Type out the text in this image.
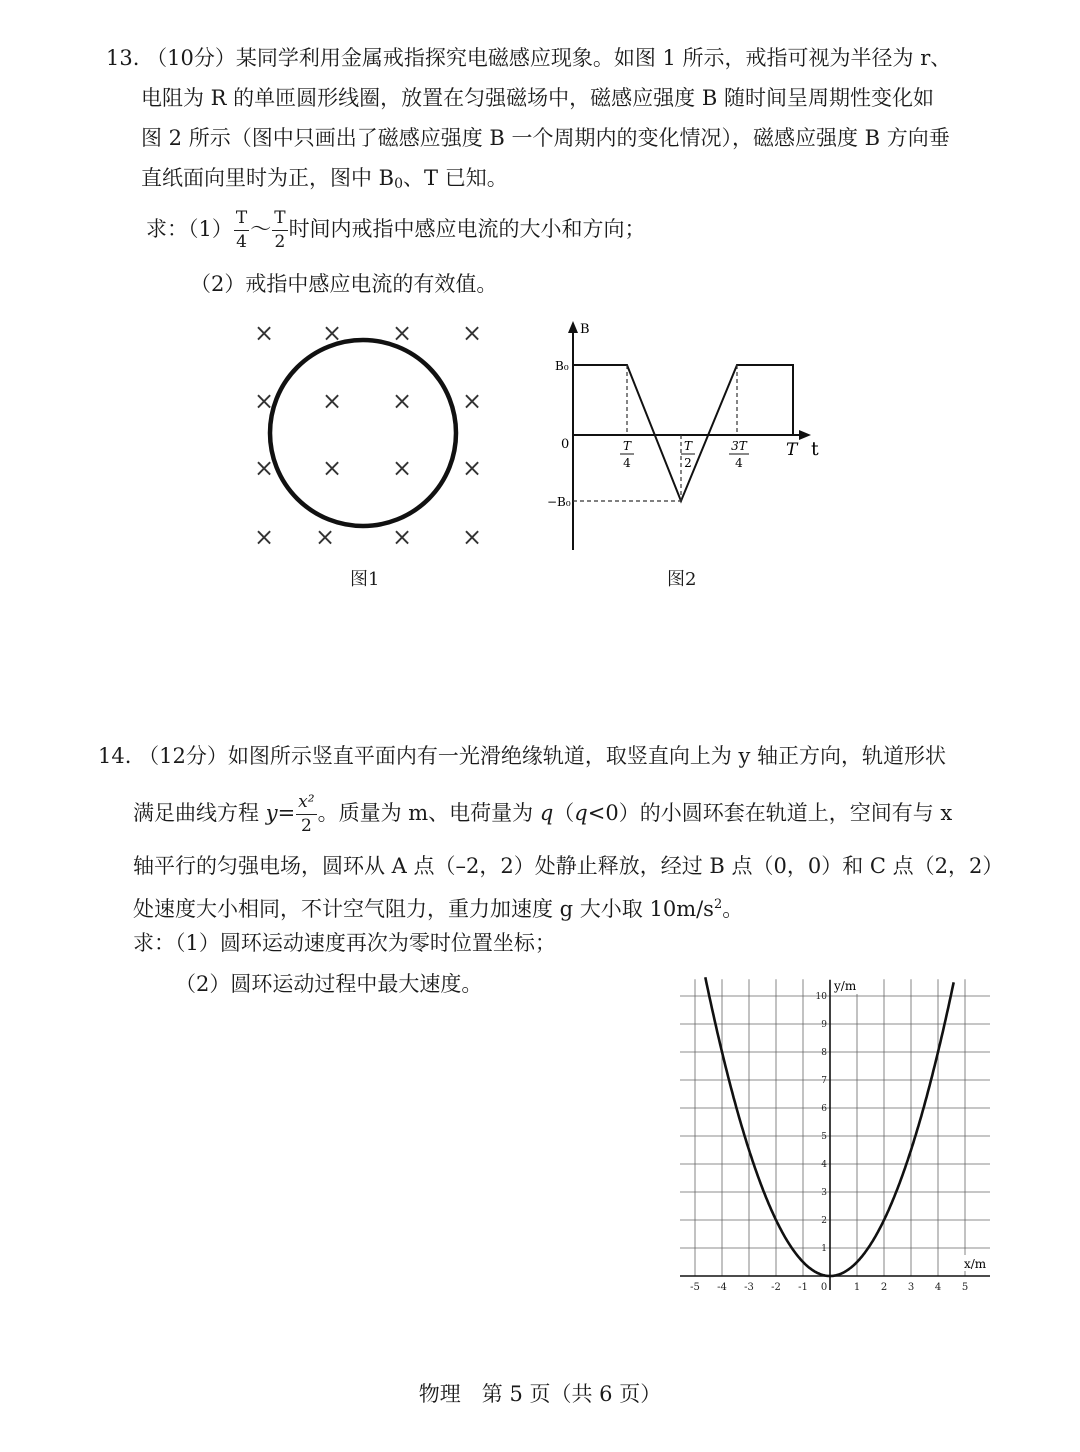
13. （10分）某同学利用金属戒指探究电磁感应现象。如图 1 所示，戒指可视为半径为 r、
电阻为 R 的单匝圆形线圈，放置在匀强磁场中，磁感应强度 B 随时间呈周期性变化如
图 2 所示（图中只画出了磁感应强度 B 一个周期内的变化情况），磁感应强度 B 方向垂
直纸面向里时为正，图中 $B_0$、T 已知。
求：$(1) \frac{T}{4}$ ～ $\frac{T}{2}$ 时间内戒指中感应电流的大小和方向；
（2）戒指中感应电流的有效值。
× × × ×
× × × ×
× × × ×
× × × ×
图1
B
t
0
B₀
−B₀
T
4
T
2
3T
4
T
图2
14. （12分）如图所示竖直平面内有一光滑绝缘轨道，取竖直向上为 y 轴正方向，轨道形状
满足曲线方程 $y= \frac{\text{x²}}{2}$ 。质量为 m、电荷量为 q（q<0）的小圆环套在轨道上，空间有与 x
轴平行的匀强电场，圆环从 A 点（–2，2）处静止释放，经过 B 点（0，0）和 C 点（2，2）
处速度大小相同，不计空气阻力，重力加速度 g 大小取 $10m/s^2$。
求：（1）圆环运动速度再次为零时位置坐标；
（2）圆环运动过程中最大速度。
10
9
8
7
6
5
4
3
2
1
-5 -4 -3 -2 -1 0	1 2 3 4 5
y/m
x/m
物理　第 5 页（共 6 页）
